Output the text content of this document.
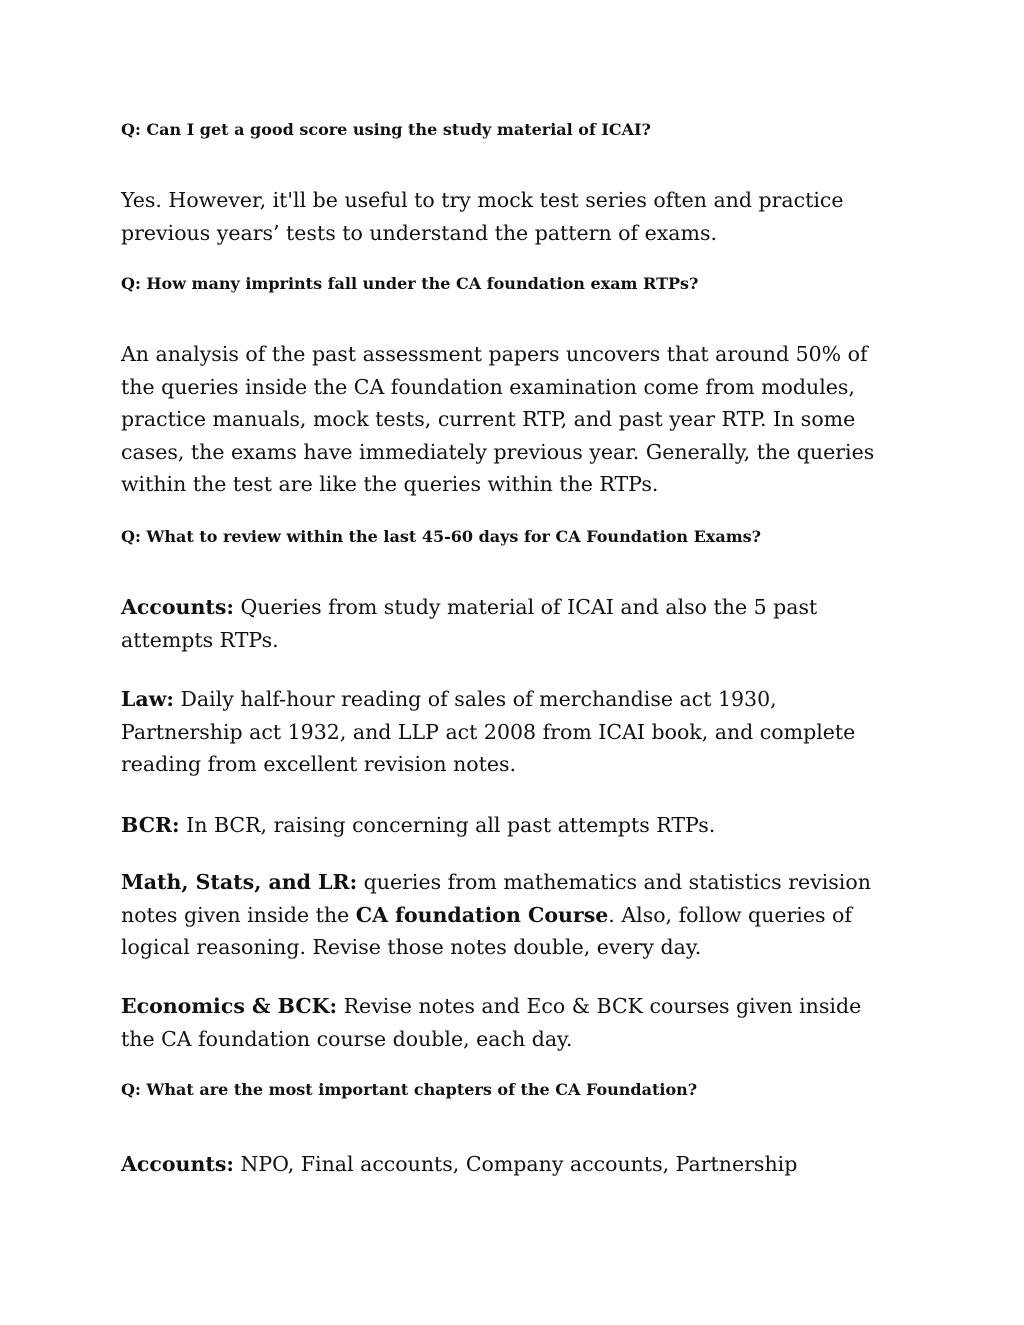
Q: Can I get a good score using the study material of ICAI?

Yes. However, it'll be useful to try mock test series often and practice previous years’ tests to understand the pattern of exams.

Q: How many imprints fall under the CA foundation exam RTPs?

An analysis of the past assessment papers uncovers that around 50% of the queries inside the CA foundation examination come from modules, practice manuals, mock tests, current RTP, and past year RTP. In some cases, the exams have immediately previous year. Generally, the queries within the test are like the queries within the RTPs.

Q: What to review within the last 45-60 days for CA Foundation Exams?

Accounts: Queries from study material of ICAI and also the 5 past attempts RTPs.

Law: Daily half-hour reading of sales of merchandise act 1930, Partnership act 1932, and LLP act 2008 from ICAI book, and complete reading from excellent revision notes.

BCR: In BCR, raising concerning all past attempts RTPs.

Math, Stats, and LR: queries from mathematics and statistics revision notes given inside the CA foundation Course. Also, follow queries of logical reasoning. Revise those notes double, every day.

Economics & BCK: Revise notes and Eco & BCK courses given inside the CA foundation course double, each day.

Q: What are the most important chapters of the CA Foundation?

Accounts: NPO, Final accounts, Company accounts, Partnership
